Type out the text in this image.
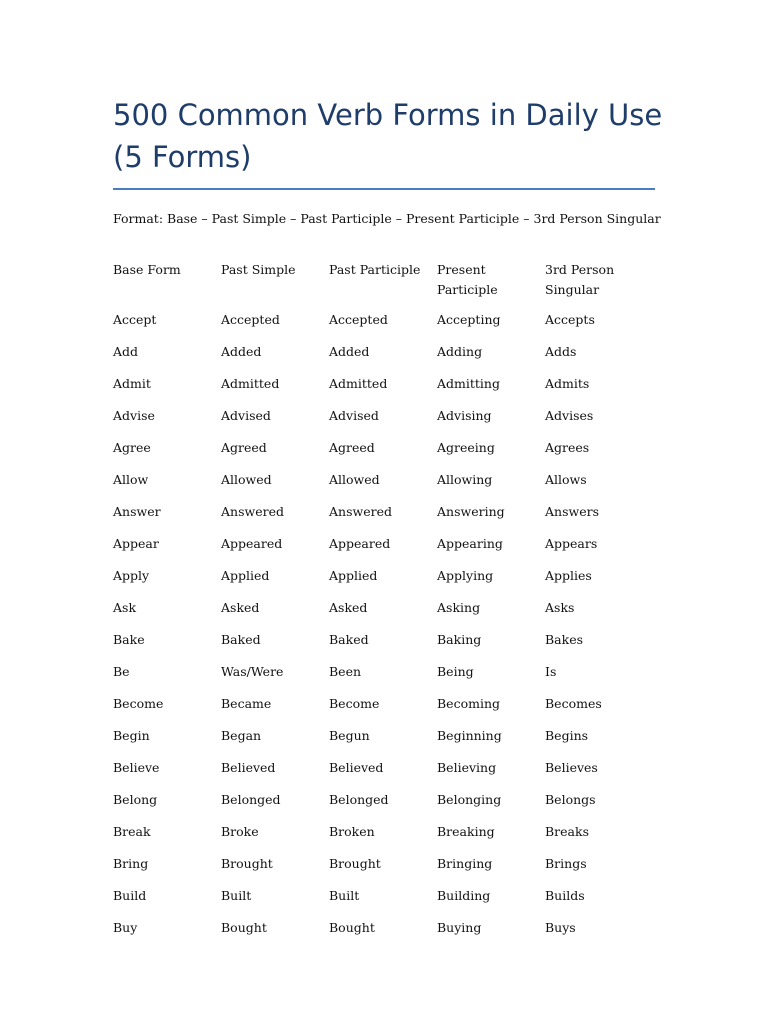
500 Common Verb Forms in Daily Use (5 Forms)
Format: Base – Past Simple – Past Participle – Present Participle – 3rd Person Singular
Base Form	Past Simple	Past Participle	Present Participle	3rd Person Singular
Accept	Accepted	Accepted	Accepting	Accepts
Add	Added	Added	Adding	Adds
Admit	Admitted	Admitted	Admitting	Admits
Advise	Advised	Advised	Advising	Advises
Agree	Agreed	Agreed	Agreeing	Agrees
Allow	Allowed	Allowed	Allowing	Allows
Answer	Answered	Answered	Answering	Answers
Appear	Appeared	Appeared	Appearing	Appears
Apply	Applied	Applied	Applying	Applies
Ask	Asked	Asked	Asking	Asks
Bake	Baked	Baked	Baking	Bakes
Be	Was/Were	Been	Being	Is
Become	Became	Become	Becoming	Becomes
Begin	Began	Begun	Beginning	Begins
Believe	Believed	Believed	Believing	Believes
Belong	Belonged	Belonged	Belonging	Belongs
Break	Broke	Broken	Breaking	Breaks
Bring	Brought	Brought	Bringing	Brings
Build	Built	Built	Building	Builds
Buy	Bought	Bought	Buying	Buys
